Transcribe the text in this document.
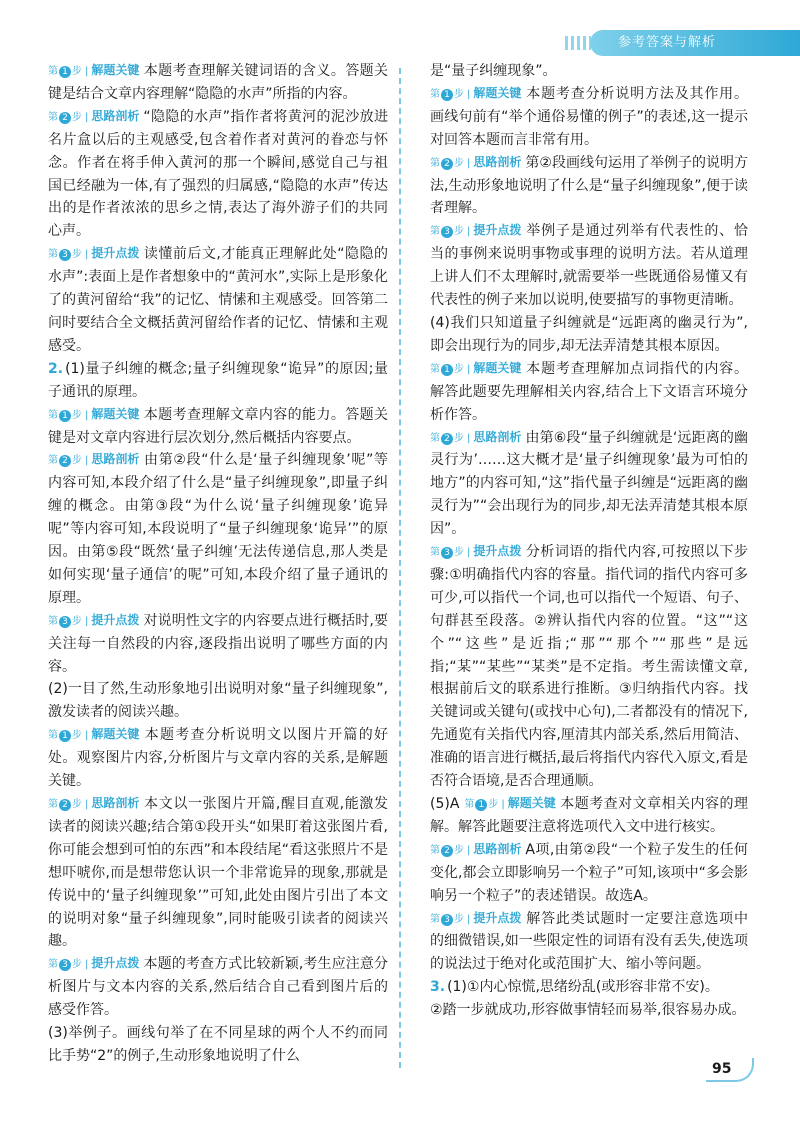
参考答案与解析

第 1 步 | 解题关键 本题考查理解关键词语的含义。答题关键是结合文章内容理解“隐隐的水声”所指的内容。

第 2 步 | 思路剖析 “隐隐的水声”指作者将黄河的泥沙放进名片盒以后的主观感受,包含着作者对黄河的眷恋与怀念。作者在将手伸入黄河的那一个瞬间,感觉自己与祖国已经融为一体,有了强烈的归属感,“隐隐的水声”传达出的是作者浓浓的思乡之情,表达了海外游子们的共同心声。

第 3 步 | 提升点拨 读懂前后文,才能真正理解此处“隐隐的水声”:表面上是作者想象中的“黄河水”,实际上是形象化了的黄河留给“我”的记忆、情愫和主观感受。回答第二问时要结合全文概括黄河留给作者的记忆、情愫和主观感受。

2. (1)量子纠缠的概念;量子纠缠现象“诡异”的原因;量子通讯的原理。

第 1 步 | 解题关键 本题考查理解文章内容的能力。答题关键是对文章内容进行层次划分,然后概括内容要点。

第 2 步 | 思路剖析 由第②段“什么是‘量子纠缠现象’呢”等内容可知,本段介绍了什么是“量子纠缠现象”,即量子纠缠的概念。由第③段“为什么说‘量子纠缠现象’诡异呢”等内容可知,本段说明了“量子纠缠现象‘诡异’”的原因。由第⑤段“既然‘量子纠缠’无法传递信息,那人类是如何实现‘量子通信’的呢”可知,本段介绍了量子通讯的原理。

第 3 步 | 提升点拨 对说明性文字的内容要点进行概括时,要关注每一自然段的内容,逐段指出说明了哪些方面的内容。

(2)一目了然,生动形象地引出说明对象“量子纠缠现象”,激发读者的阅读兴趣。

第 1 步 | 解题关键 本题考查分析说明文以图片开篇的好处。观察图片内容,分析图片与文章内容的关系,是解题关键。

第 2 步 | 思路剖析 本文以一张图片开篇,醒目直观,能激发读者的阅读兴趣;结合第①段开头“如果盯着这张图片看,你可能会想到可怕的东西”和本段结尾“看这张照片不是想吓唬你,而是想带您认识一个非常诡异的现象,那就是传说中的‘量子纠缠现象’”可知,此处由图片引出了本文的说明对象“量子纠缠现象”,同时能吸引读者的阅读兴趣。

第 3 步 | 提升点拨 本题的考查方式比较新颖,考生应注意分析图片与文本内容的关系,然后结合自己看到图片后的感受作答。

(3)举例子。画线句举了在不同星球的两个人不约而同比手势“2”的例子,生动形象地说明了什么

是“量子纠缠现象”。

第 1 步 | 解题关键 本题考查分析说明方法及其作用。画线句前有“举个通俗易懂的例子”的表述,这一提示对回答本题而言非常有用。

第 2 步 | 思路剖析 第②段画线句运用了举例子的说明方法,生动形象地说明了什么是“量子纠缠现象”,便于读者理解。

第 3 步 | 提升点拨 举例子是通过列举有代表性的、恰当的事例来说明事物或事理的说明方法。若从道理上讲人们不太理解时,就需要举一些既通俗易懂又有代表性的例子来加以说明,使要描写的事物更清晰。

(4)我们只知道量子纠缠就是“远距离的幽灵行为”,即会出现行为的同步,却无法弄清楚其根本原因。

第 1 步 | 解题关键 本题考查理解加点词指代的内容。解答此题要先理解相关内容,结合上下文语言环境分析作答。

第 2 步 | 思路剖析 由第⑥段“量子纠缠就是‘远距离的幽灵行为’……这大概才是‘量子纠缠现象’最为可怕的地方”的内容可知,“这”指代量子纠缠是“远距离的幽灵行为”“会出现行为的同步,却无法弄清楚其根本原因”。

第 3 步 | 提升点拨 分析词语的指代内容,可按照以下步骤:①明确指代内容的容量。指代词的指代内容可多可少,可以指代一个词,也可以指代一个短语、句子、句群甚至段落。②辨认指代内容的位置。“这”“这个”“这些”是近指;“那”“那个”“那些”是远指;“某”“某些”“某类”是不定指。考生需读懂文章,根据前后文的联系进行推断。③归纳指代内容。找关键词或关键句(或找中心句),二者都没有的情况下,先通览有关指代内容,厘清其内部关系,然后用简洁、准确的语言进行概括,最后将指代内容代入原文,看是否符合语境,是否合理通顺。

(5)A 第 1 步 | 解题关键 本题考查对文章相关内容的理解。解答此题要注意将选项代入文中进行核实。

第 2 步 | 思路剖析 A项,由第②段“一个粒子发生的任何变化,都会立即影响另一个粒子”可知,该项中“多会影响另一个粒子”的表述错误。故选A。

第 3 步 | 提升点拨 解答此类试题时一定要注意选项中的细微错误,如一些限定性的词语有没有丢失,使选项的说法过于绝对化或范围扩大、缩小等问题。

3. (1)①内心惊慌,思绪纷乱(或形容非常不安)。

②踏一步就成功,形容做事情轻而易举,很容易办成。

95
